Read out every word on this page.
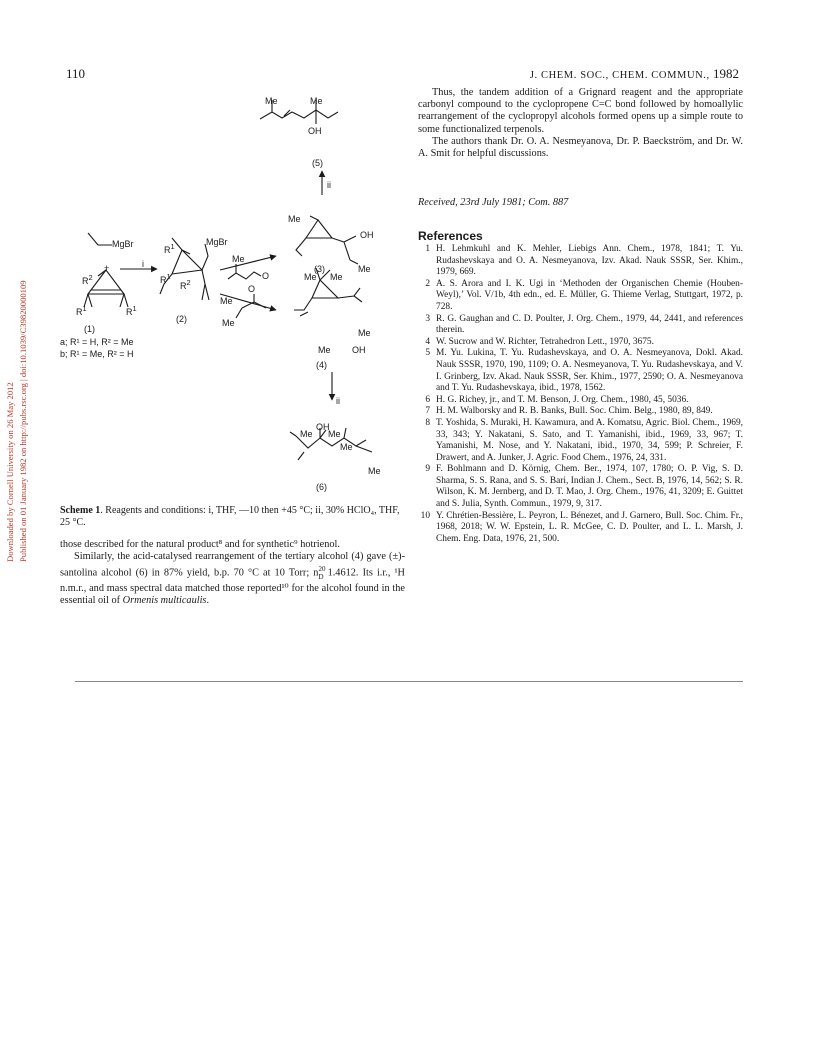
110	J. CHEM. SOC., CHEM. COMMUN., 1982
Downloaded by Cornell University on 26 May 2012 Published on 01 January 1982 on http://pubs.rsc.org | doi:10.1039/C39820000109
MgBr
+	i
$R^2$
$R^1$	$R^1$
(1)
a; R¹ = H, R² = Me
b; R¹ = Me, R² = H
$R^1$	MgBr
$R^1$
$R^2$
(2)
Me
O
Me
O
Me
Me	Me
OH
(5)
ii
Me
OH
Me
(3)
Me Me
Me
Me OH
(4)
ii
OH
Me Me
Me
Me
(6)
Scheme 1. Reagents and conditions: i, THF, —10 then +45 °C; ii, 30% HClO₄, THF, 25 °C.

those described for the natural product⁸ and for synthetic⁹ hotrienol.

Similarly, the acid-catalysed rearrangement of the tertiary alcohol (4) gave (±)-santolina alcohol (6) in 87% yield, b.p. 70 °C at 10 Torr; $n^{20}_D$ 1.4612. Its i.r., ¹H n.m.r., and mass spectral data matched those reported¹⁰ for the alcohol found in the essential oil of Ormenis multicaulis.

Thus, the tandem addition of a Grignard reagent and the appropriate carbonyl compound to the cyclopropene C=C bond followed by homoallylic rearrangement of the cyclopropyl alcohols formed opens up a simple route to some functionalized terpenols.

The authors thank Dr. O. A. Nesmeyanova, Dr. P. Baeckström, and Dr. W. A. Smit for helpful discussions.

Received, 23rd July 1981; Com. 887
References
1 H. Lehmkuhl and K. Mehler, Liebigs Ann. Chem., 1978, 1841; T. Yu. Rudashevskaya and O. A. Nesmeyanova, Izv. Akad. Nauk SSSR, Ser. Khim., 1979, 669.
2 A. S. Arora and I. K. Ugi in ‘Methoden der Organischen Chemie (Houben-Weyl),’ Vol. V/1b, 4th edn., ed. E. Müller, G. Thieme Verlag, Stuttgart, 1972, p. 728.
3 R. G. Gaughan and C. D. Poulter, J. Org. Chem., 1979, 44, 2441, and references therein.
4 W. Sucrow and W. Richter, Tetrahedron Lett., 1970, 3675.
5 M. Yu. Lukina, T. Yu. Rudashevskaya, and O. A. Nesmeyanova, Dokl. Akad. Nauk SSSR, 1970, 190, 1109; O. A. Nesmeyanova, T. Yu. Rudashevskaya, and V. I. Grinberg, Izv. Akad. Nauk SSSR, Ser. Khim., 1977, 2590; O. A. Nesmeyanova and T. Yu. Rudashevskaya, ibid., 1978, 1562.
6 H. G. Richey, jr., and T. M. Benson, J. Org. Chem., 1980, 45, 5036.
7 H. M. Walborsky and R. B. Banks, Bull. Soc. Chim. Belg., 1980, 89, 849.
8 T. Yoshida, S. Muraki, H. Kawamura, and A. Komatsu, Agric. Biol. Chem., 1969, 33, 343; Y. Nakatani, S. Sato, and T. Yamanishi, ibid., 1969, 33, 967; T. Yamanishi, M. Nose, and Y. Nakatani, ibid., 1970, 34, 599; P. Schreier, F. Drawert, and A. Junker, J. Agric. Food Chem., 1976, 24, 331.
9 F. Bohlmann and D. Körnig, Chem. Ber., 1974, 107, 1780; O. P. Vig, S. D. Sharma, S. S. Rana, and S. S. Bari, Indian J. Chem., Sect. B, 1976, 14, 562; S. R. Wilson, K. M. Jernberg, and D. T. Mao, J. Org. Chem., 1976, 41, 3209; E. Guittet and S. Julia, Synth. Commun., 1979, 9, 317.
10 Y. Chrétien-Bessière, L. Peyron, L. Bénezet, and J. Garnero, Bull. Soc. Chim. Fr., 1968, 2018; W. W. Epstein, L. R. McGee, C. D. Poulter, and L. L. Marsh, J. Chem. Eng. Data, 1976, 21, 500.
